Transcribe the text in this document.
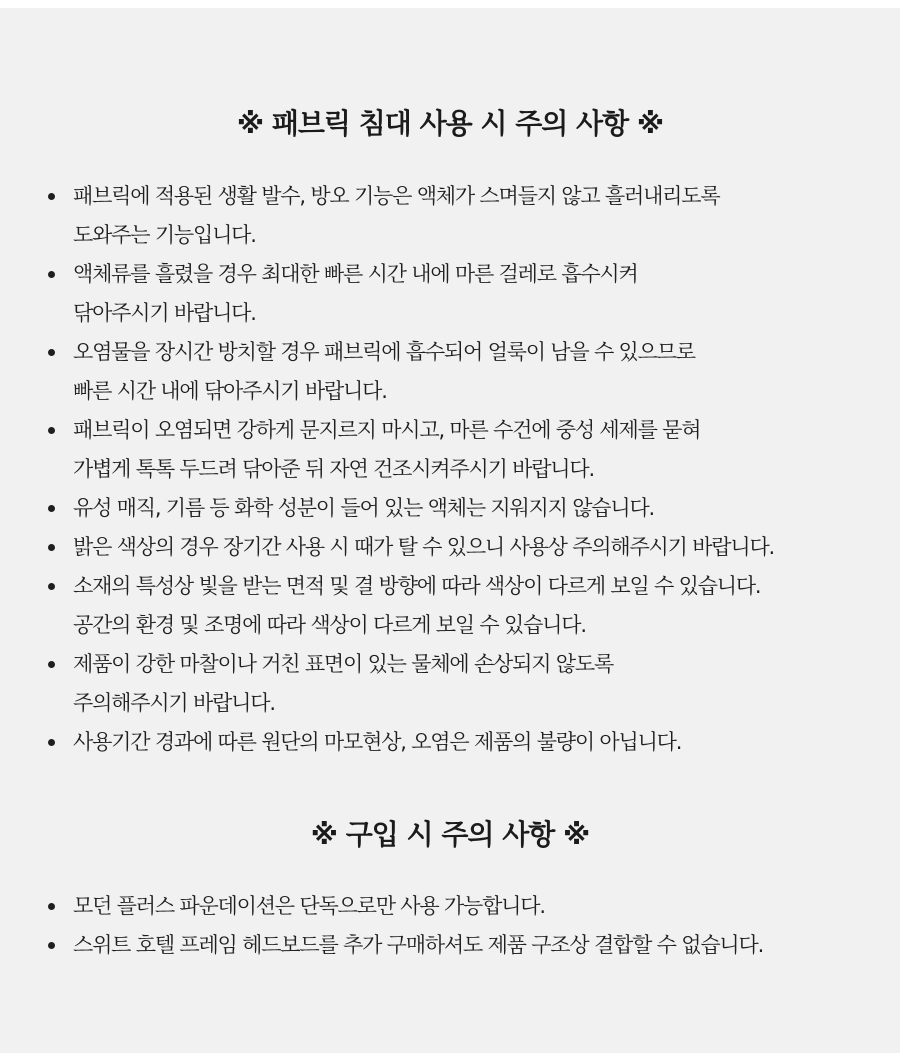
※ 패브릭 침대 사용 시 주의 사항 ※
패브릭에 적용된 생활 발수, 방오 기능은 액체가 스며들지 않고 흘러내리도록
도와주는 기능입니다.
액체류를 흘렸을 경우 최대한 빠른 시간 내에 마른 걸레로 흡수시켜
닦아주시기 바랍니다.
오염물을 장시간 방치할 경우 패브릭에 흡수되어 얼룩이 남을 수 있으므로
빠른 시간 내에 닦아주시기 바랍니다.
패브릭이 오염되면 강하게 문지르지 마시고, 마른 수건에 중성 세제를 묻혀
가볍게 톡톡 두드려 닦아준 뒤 자연 건조시켜주시기 바랍니다.
유성 매직, 기름 등 화학 성분이 들어 있는 액체는 지워지지 않습니다.
밝은 색상의 경우 장기간 사용 시 때가 탈 수 있으니 사용상 주의해주시기 바랍니다.
소재의 특성상 빛을 받는 면적 및 결 방향에 따라 색상이 다르게 보일 수 있습니다.
공간의 환경 및 조명에 따라 색상이 다르게 보일 수 있습니다.
제품이 강한 마찰이나 거친 표면이 있는 물체에 손상되지 않도록
주의해주시기 바랍니다.
사용기간 경과에 따른 원단의 마모현상, 오염은 제품의 불량이 아닙니다.
※ 구입 시 주의 사항 ※
모던 플러스 파운데이션은 단독으로만 사용 가능합니다.
스위트 호텔 프레임 헤드보드를 추가 구매하셔도 제품 구조상 결합할 수 없습니다.
